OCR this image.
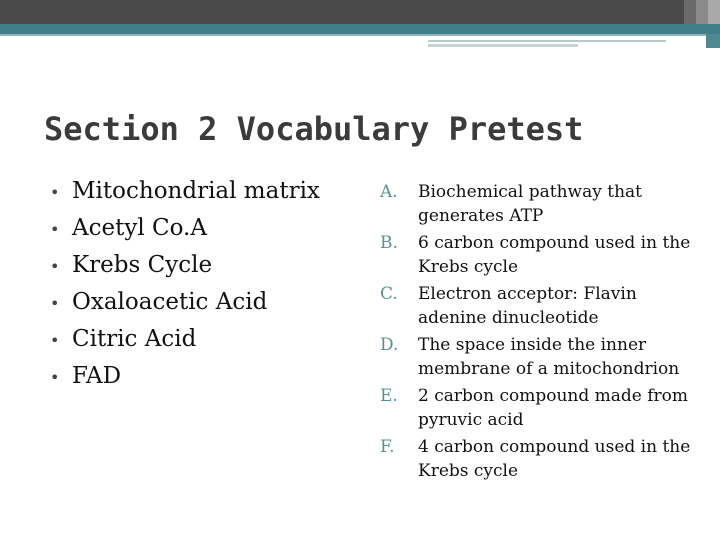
Section 2 Vocabulary Pretest
• Mitochondrial matrix
• Acetyl Co.A
• Krebs Cycle
• Oxaloacetic Acid
• Citric Acid
• FAD
A.	Biochemical pathway that generates ATP
B.	6 carbon compound used in the Krebs cycle
C.	Electron acceptor: Flavin adenine dinucleotide
D.	The space inside the inner membrane of a mitochondrion
E.	2 carbon compound made from pyruvic acid
F.	4 carbon compound used in the Krebs cycle
